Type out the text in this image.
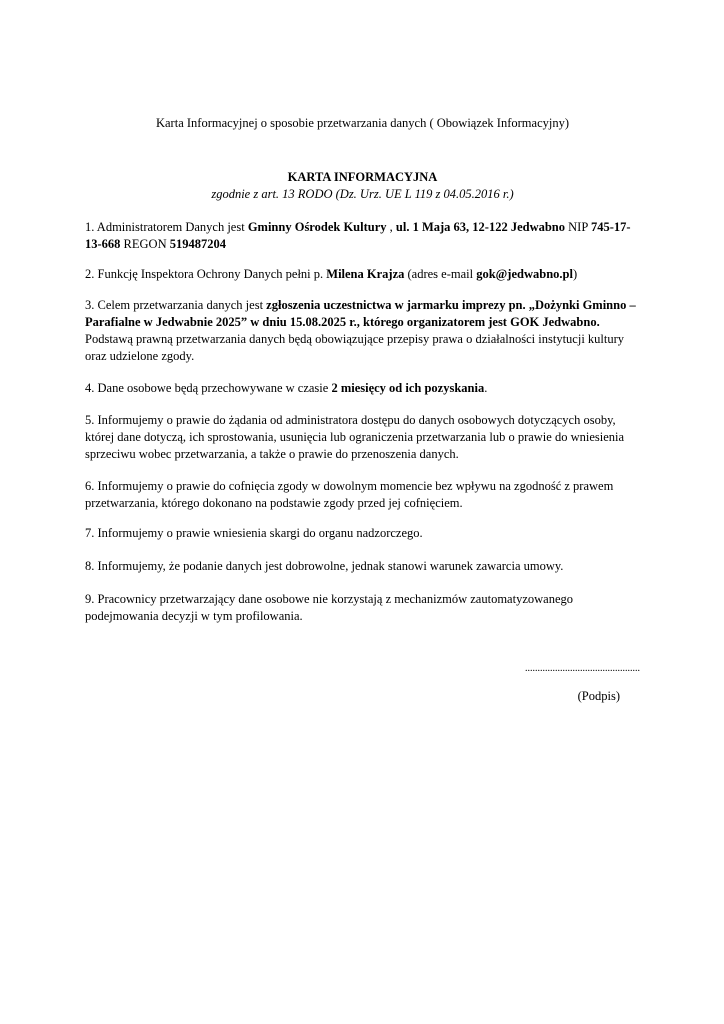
Karta Informacyjnej o sposobie przetwarzania danych ( Obowiązek Informacyjny)
KARTA INFORMACYJNA
zgodnie z art. 13 RODO (Dz. Urz. UE L 119 z 04.05.2016 r.)
1. Administratorem Danych jest Gminny Ośrodek Kultury , ul. 1 Maja 63, 12-122 Jedwabno NIP 745-17-13-668 REGON 519487204
2. Funkcję Inspektora Ochrony Danych pełni p. Milena Krajza (adres e-mail gok@jedwabno.pl)
3. Celem przetwarzania danych jest zgłoszenia uczestnictwa w jarmarku imprezy pn. „Dożynki Gminno – Parafialne w Jedwabnie 2025” w dniu 15.08.2025 r., którego organizatorem jest GOK Jedwabno. Podstawą prawną przetwarzania danych będą obowiązujące przepisy prawa o działalności instytucji kultury oraz udzielone zgody.
4. Dane osobowe będą przechowywane w czasie 2 miesięcy od ich pozyskania.
5. Informujemy o prawie do żądania od administratora dostępu do danych osobowych dotyczących osoby, której dane dotyczą, ich sprostowania, usunięcia lub ograniczenia przetwarzania lub o prawie do wniesienia sprzeciwu wobec przetwarzania, a także o prawie do przenoszenia danych.
6. Informujemy o prawie do cofnięcia zgody w dowolnym momencie bez wpływu na zgodność z prawem przetwarzania, którego dokonano na podstawie zgody przed jej cofnięciem.
7. Informujemy o prawie wniesienia skargi do organu nadzorczego.
8. Informujemy, że podanie danych jest dobrowolne, jednak stanowi warunek zawarcia umowy.
9. Pracownicy przetwarzający dane osobowe nie korzystają z mechanizmów zautomatyzowanego podejmowania decyzji w tym profilowania.
..............................................
(Podpis)
